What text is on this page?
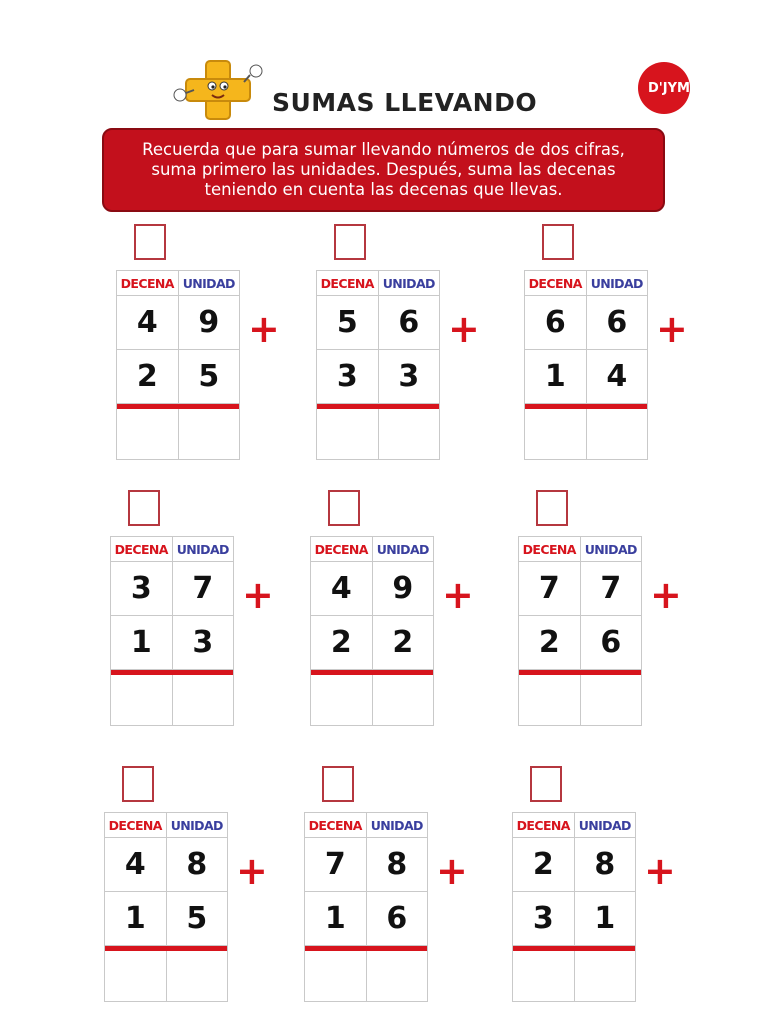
SUMAS LLEVANDO	D'JYM
Recuerda que para sumar llevando números de dos cifras, suma primero las unidades. Después, suma las decenas teniendo en cuenta las decenas que llevas.
DECENA UNIDAD
4	9
2	5
+
DECENA UNIDAD
5	6
3	3
+
DECENA UNIDAD
6	6
1	4
+
DECENA UNIDAD
3	7
1	3
+
DECENA UNIDAD
4	9
2	2
+
DECENA UNIDAD
7	7
2	6
+
DECENA UNIDAD
4	8
1	5
+
DECENA UNIDAD
7	8
1	6
+
DECENA UNIDAD
2	8
3	1
+
